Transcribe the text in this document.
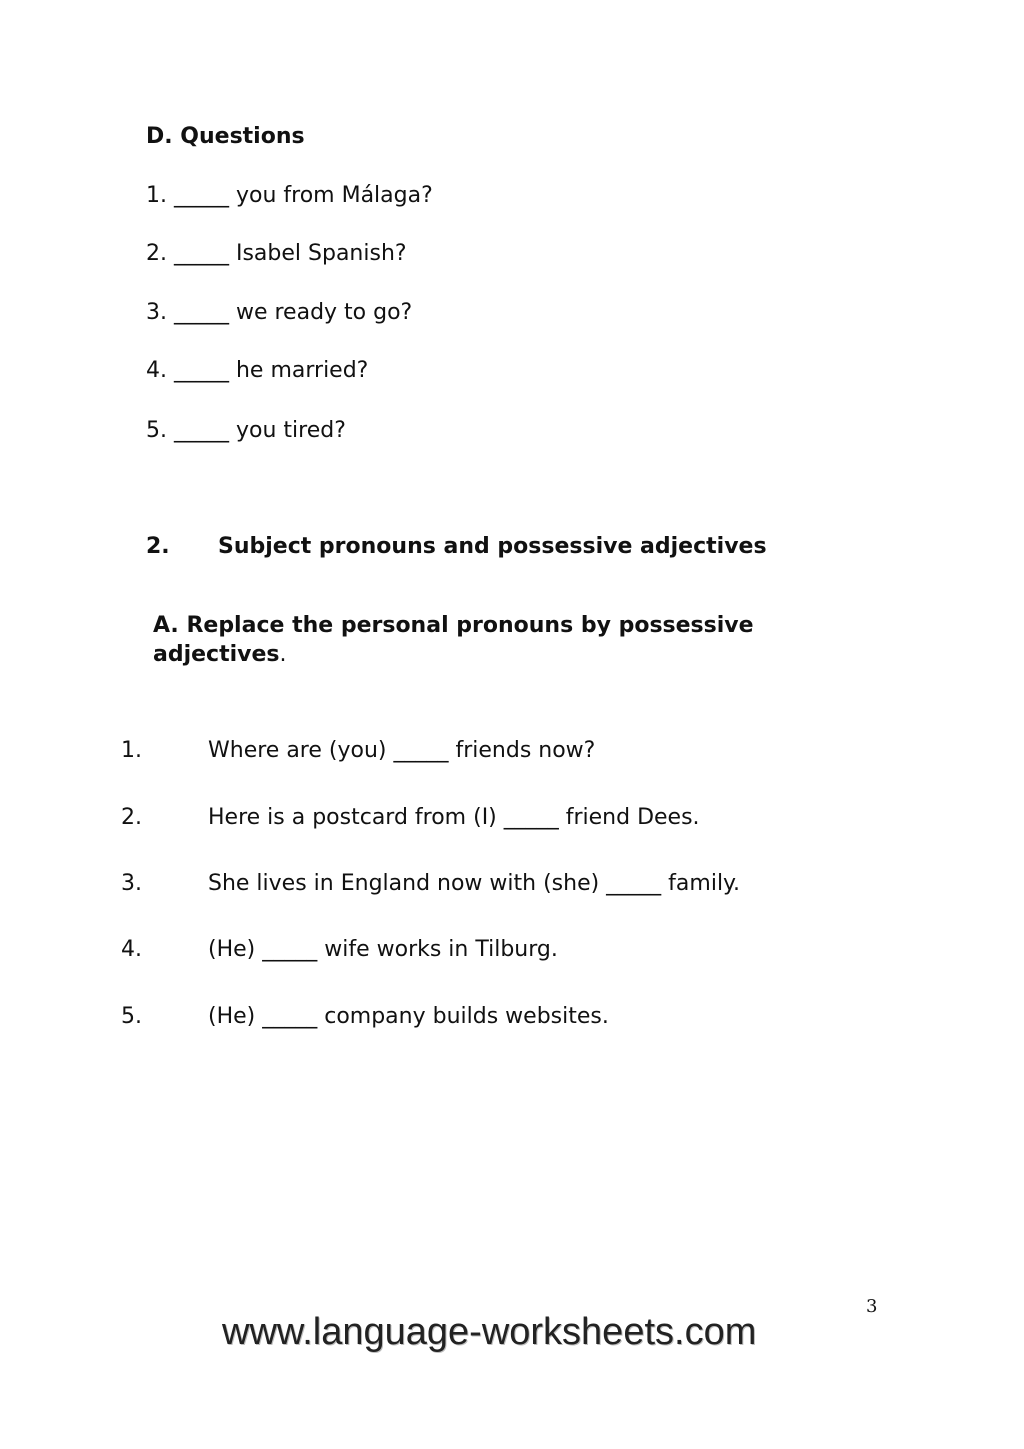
D. Questions
1. _____ you from Málaga?
2. _____ Isabel Spanish?
3. _____ we ready to go?
4. _____ he married?
5. _____ you tired?
2. Subject pronouns and possessive adjectives
A. Replace the personal pronouns by possessive adjectives.
1.	Where are (you) _____ friends now?
2.	Here is a postcard from (I) _____ friend Dees.
3.	She lives in England now with (she) _____ family.
4.	(He) _____ wife works in Tilburg.
5.	(He) _____ company builds websites.
3
www.language-worksheets.com
